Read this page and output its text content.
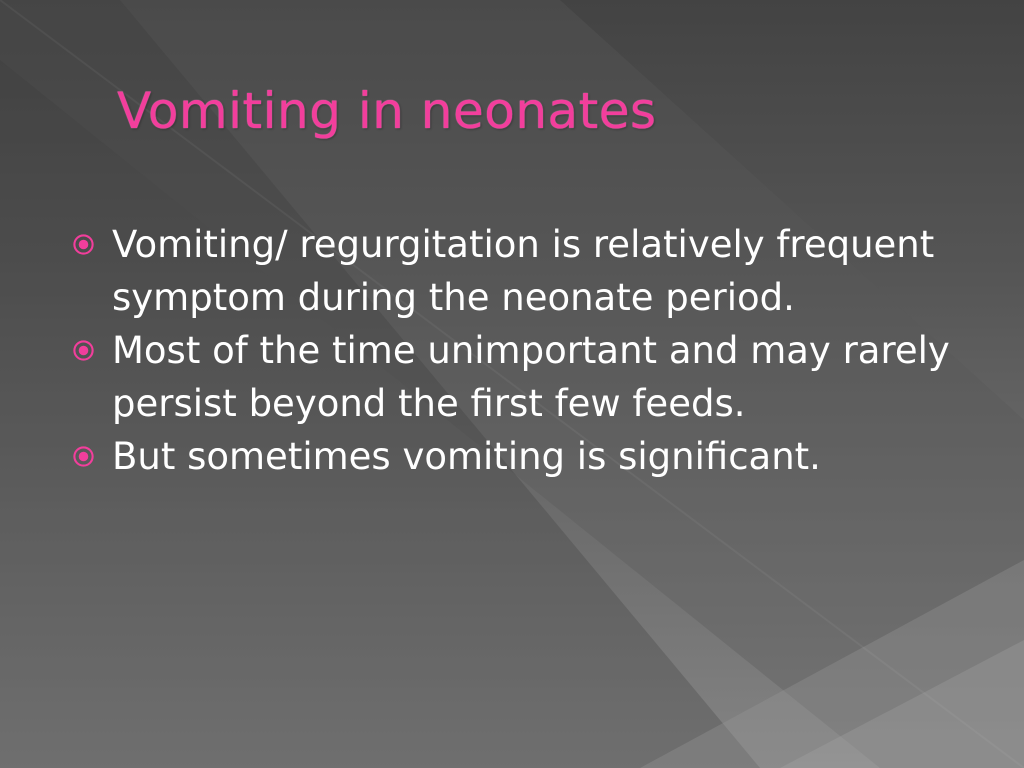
Vomiting in neonates
Vomiting/ regurgitation is relatively frequent symptom during the neonate period.
Most of the time unimportant and may rarely  persist beyond the first few feeds.
But sometimes vomiting is significant.
